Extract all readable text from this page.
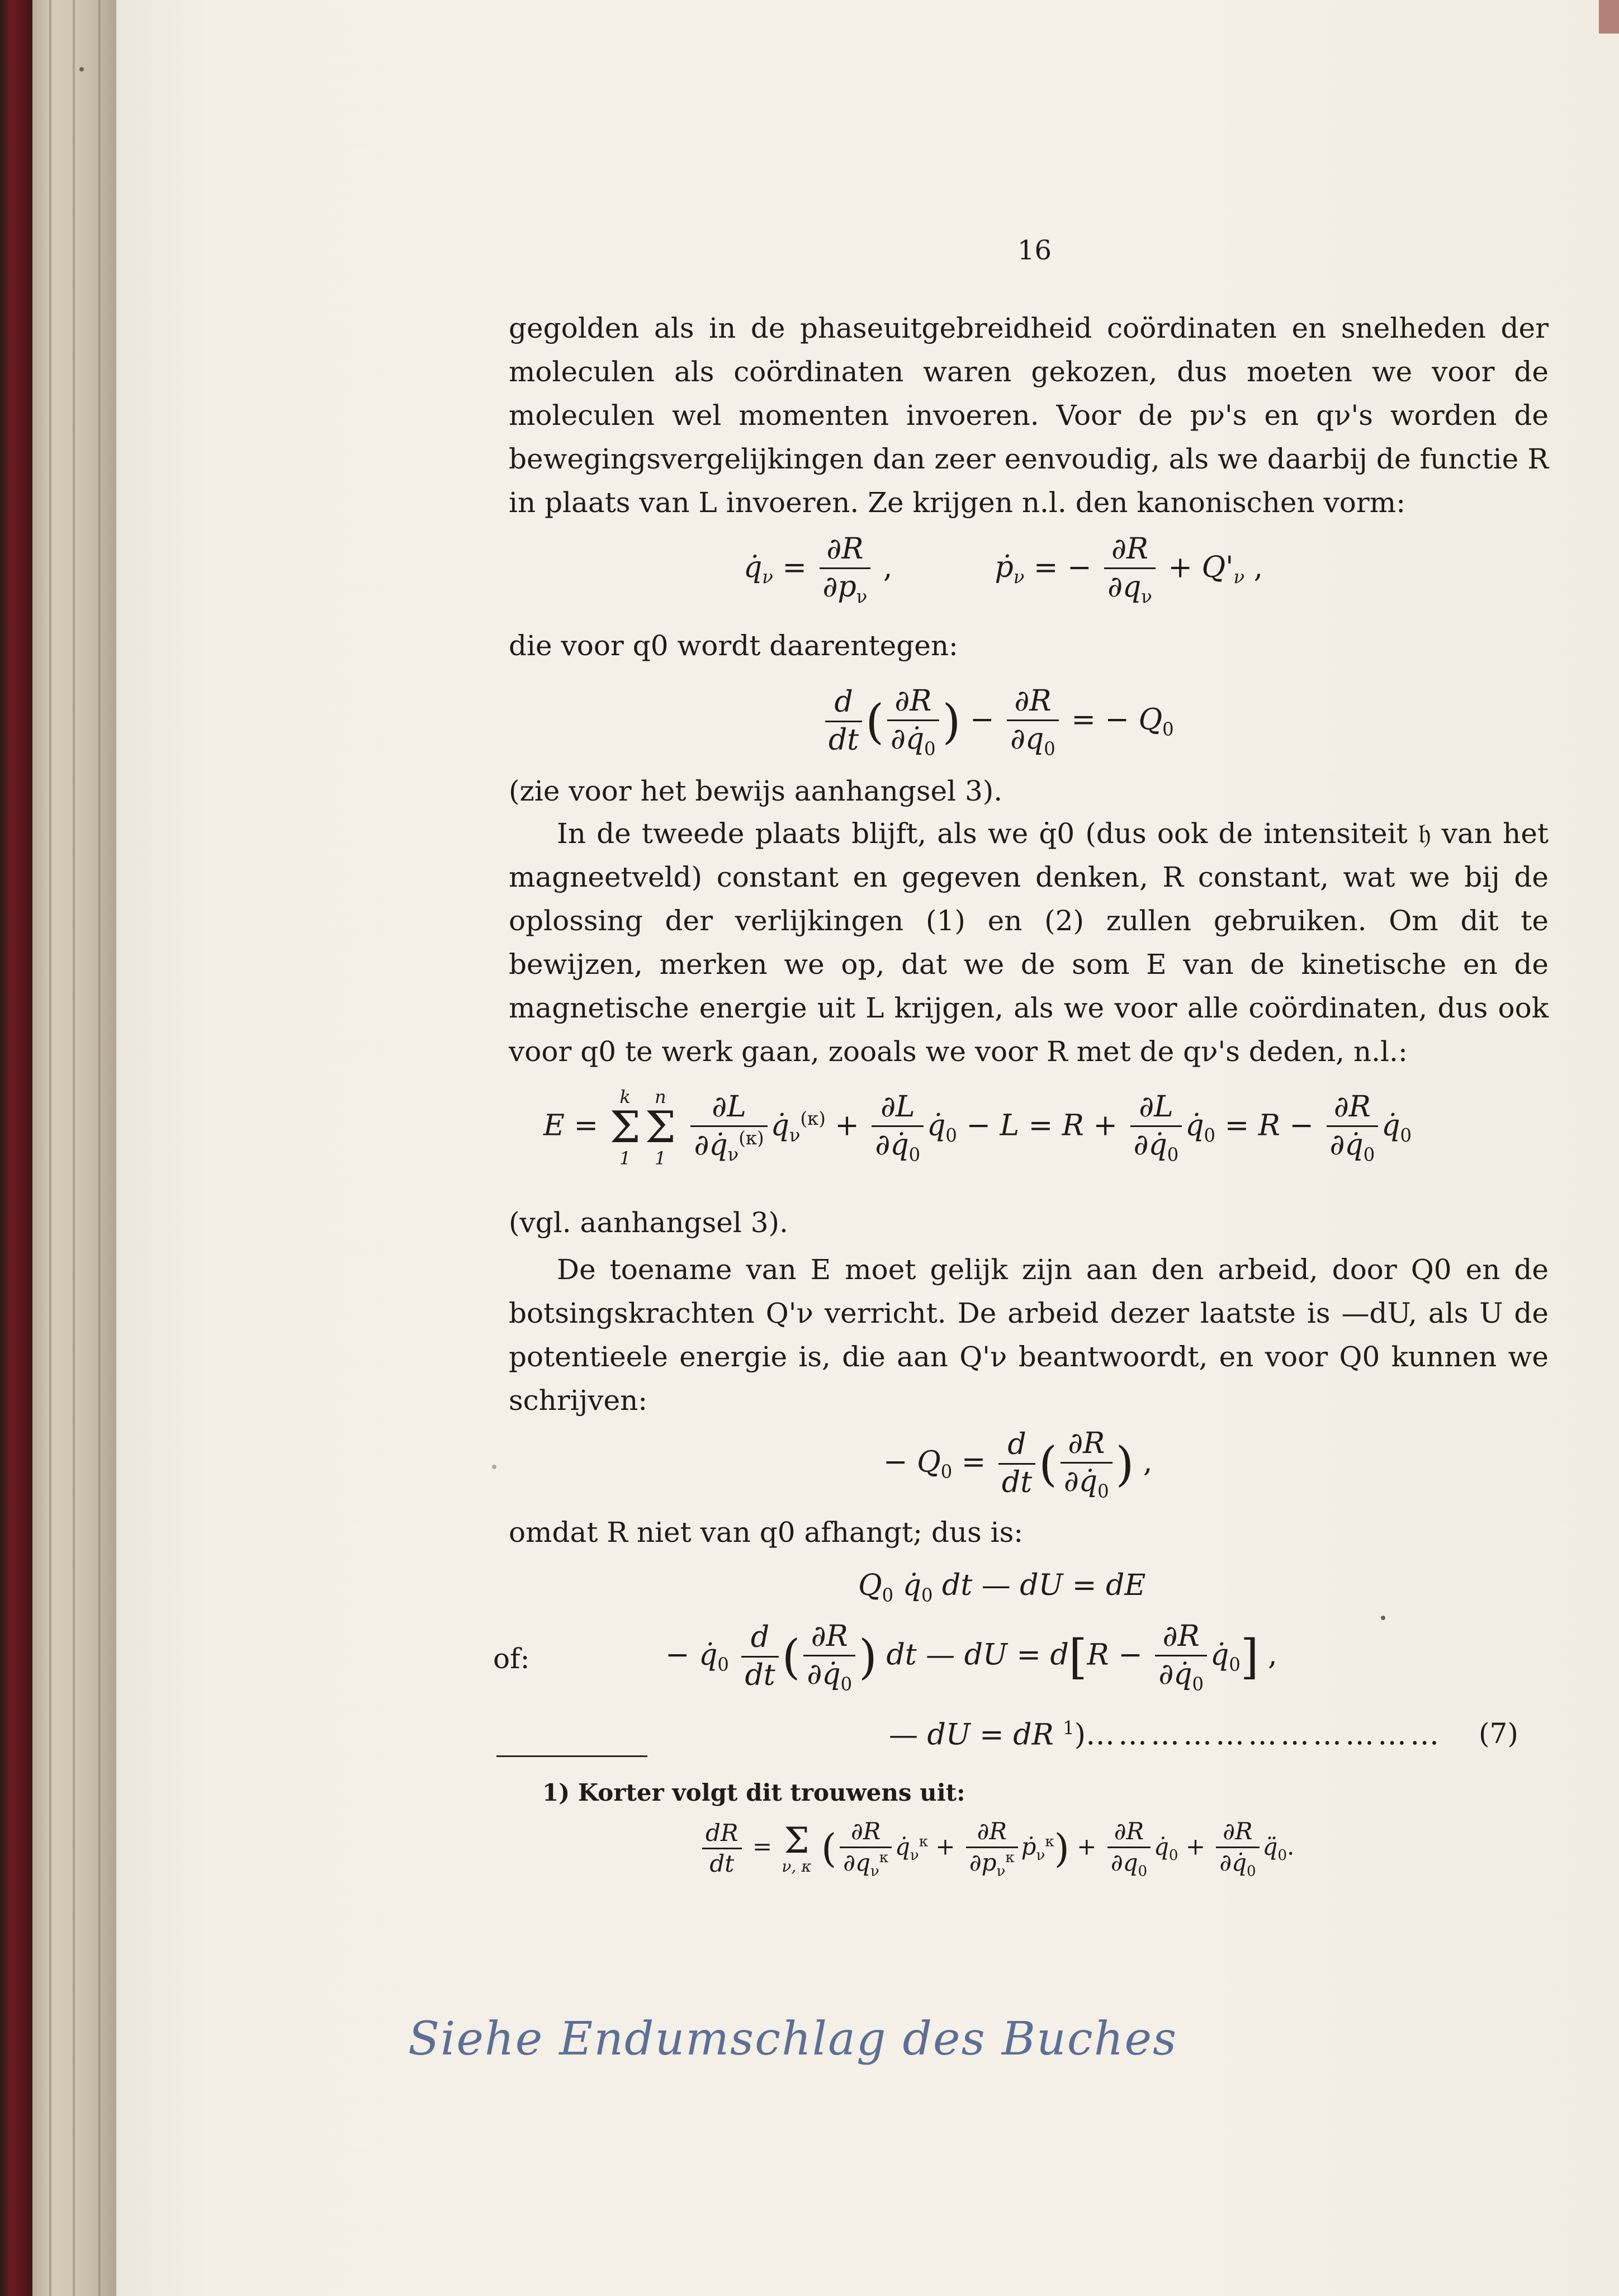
16

gegolden als in de phaseuitgebreidheid coördinaten en snelheden der moleculen als coördinaten waren gekozen, dus moeten we voor de moleculen wel momenten invoeren. Voor de pν's en qν's worden de bewegingsvergelijkingen dan zeer eenvoudig, als we daarbij de functie R in plaats van L invoeren. Ze krijgen n.l. den kanonischen vorm:

$q̇_\nu = \frac{\partial R}{\partial p_\nu}$ ,	ṗ$_\nu$ = − $\frac{\partial R}{\partial q_\nu} + Q'_\nu$ ,

die voor q0 wordt daarentegen:

$\frac{d}{dt}$ ( $\frac{\partial R}{\partial q̇_0}$ ) − $\frac{\partial R}{\partial q_0}$ = − $Q_0$

(zie voor het bewijs aanhangsel 3).

In de tweede plaats blijft, als we q̇0 (dus ook de intensiteit 𝔥 van het magneetveld) constant en gegeven denken, R constant, wat we bij de oplossing der verlijkingen (1) en (2) zullen gebruiken. Om dit te bewijzen, merken we op, dat we de som E van de kinetische en de magnetische energie uit L krijgen, als we voor alle coördinaten, dus ook voor q0 te werk gaan, zooals we voor R met de qν's deden, n.l.:

E =
k
Σ
1
n
Σ
1
$\frac{\partial L}{\partial q̇_\nu^{(\kappa)}}$ $q̇_\nu^{(\kappa)} + \frac{\partial L}{\partial q̇_0}$ $q̇_0 - L = R + \frac{\partial L}{\partial q̇_0}$ $q̇_0 = R - \frac{\partial R}{\partial q̇_0}$ $q̇_0$

(vgl. aanhangsel 3).

De toename van E moet gelijk zijn aan den arbeid, door Q0 en de botsingskrachten Q'ν verricht. De arbeid dezer laatste is —dU, als U de potentieele energie is, die aan Q'ν beantwoordt, en voor Q0 kunnen we schrijven:

− $Q_0 = \frac{d}{dt}$ ( $\frac{\partial R}{\partial q̇_0}$ ) ,

omdat R niet van q0 afhangt; dus is:

$Q_0$ $q̇_0$ dt — dU = dE
of:	− $q̇_0 \frac{d}{dt}$ ( $\frac{\partial R}{\partial q̇_0}$ ) dt — dU = $d[R - \frac{\partial R}{\partial q̇_0}$ $q̇_0$] ,
— dU = dR $^1$)…………………………… (7)
1) Korter volgt dit trouwens uit:
$\frac{dR}{dt} = \Sigma$
ν, κ ( $\frac{\partial R}{\partial q_\nu^\kappa}$ $q̇_\nu^\kappa + \frac{\partial R}{\partial p_\nu^\kappa}$ ṗ$_\nu^\kappa$) + $\frac{\partial R}{\partial q_0}$ $q̇_0 + \frac{\partial R}{\partial q̇_0}$ $q̈_0$.
Siehe Endumschlag des Buches
